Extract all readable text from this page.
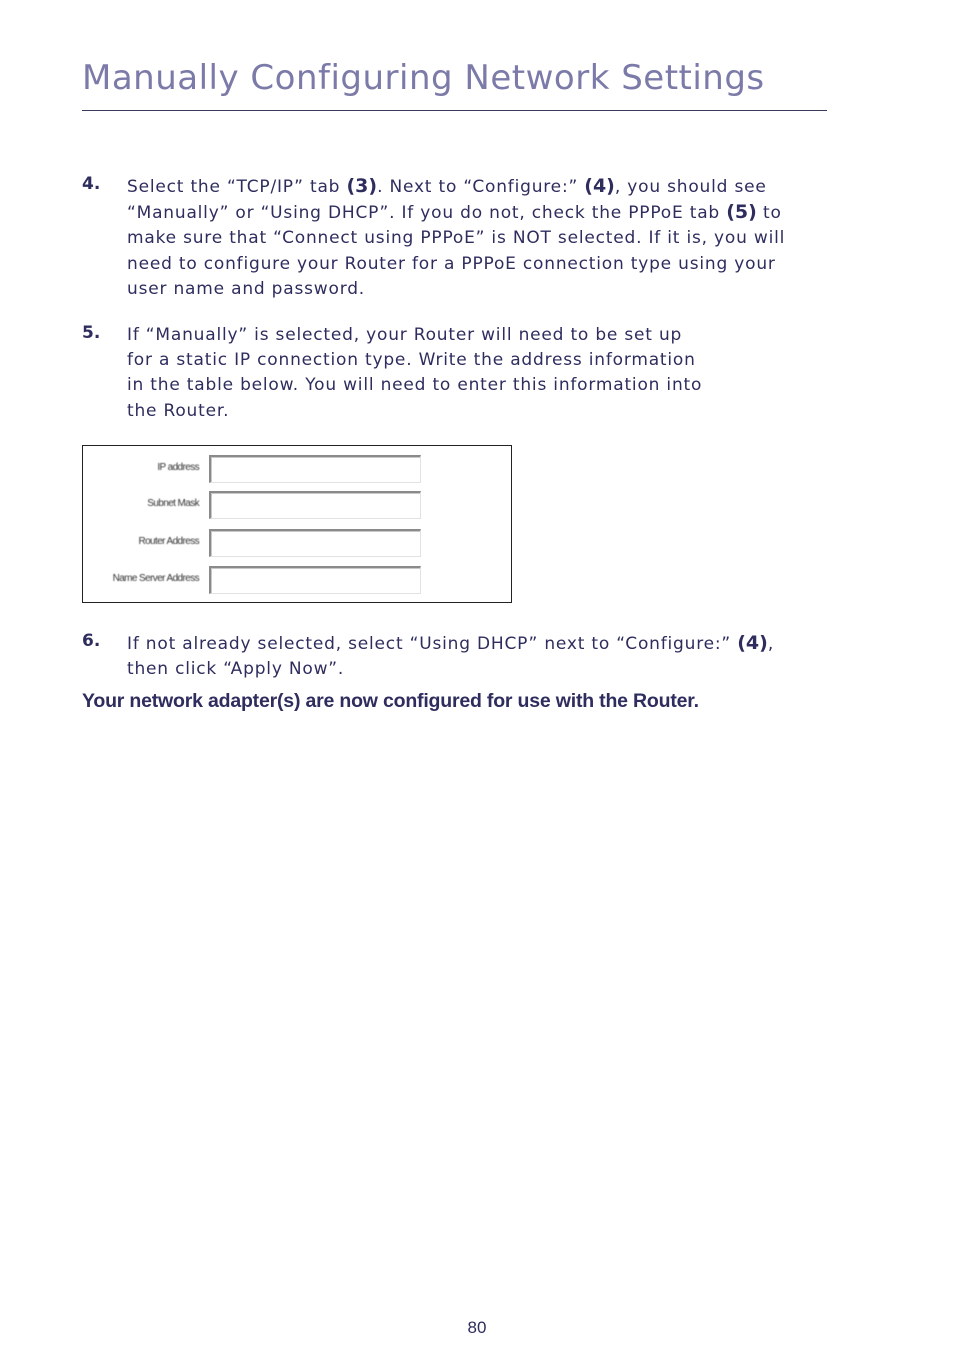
Manually Configuring Network Settings
4. Select the “TCP/IP” tab (3). Next to “Configure:” (4), you should see
“Manually” or “Using DHCP”. If you do not, check the PPPoE tab (5) to
make sure that “Connect using PPPoE” is NOT selected. If it is, you will
need to configure your Router for a PPPoE connection type using your
user name and password.
5. If “Manually” is selected, your Router will need to be set up
for a static IP connection type. Write the address information
in the table below. You will need to enter this information into
the Router.
IP address
Subnet Mask
Router Address
Name Server Address
6. If not already selected, select “Using DHCP” next to “Configure:” (4),
then click “Apply Now”.
Your network adapter(s) are now configured for use with the Router.
80
